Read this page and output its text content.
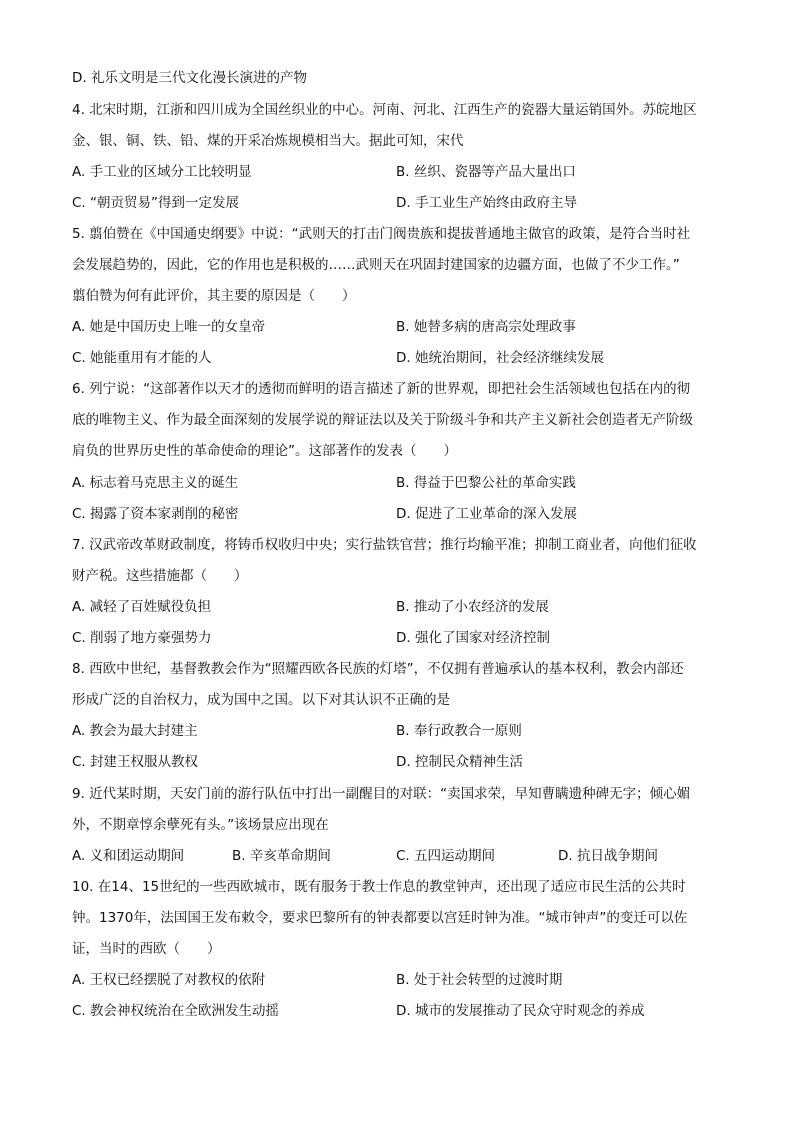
D. 礼乐文明是三代文化漫长演进的产物
4. 北宋时期，江浙和四川成为全国丝织业的中心。河南、河北、江西生产的瓷器大量运销国外。苏皖地区
金、银、铜、铁、铅、煤的开采冶炼规模相当大。据此可知，宋代
A. 手工业的区域分工比较明显	B. 丝织、瓷器等产品大量出口
C. “朝贡贸易”得到一定发展	D. 手工业生产始终由政府主导
5. 翦伯赞在《中国通史纲要》中说：“武则天的打击门阀贵族和提拔普通地主做官的政策，是符合当时社
会发展趋势的，因此，它的作用也是积极的……武则天在巩固封建国家的边疆方面，也做了不少工作。”
翦伯赞为何有此评价，其主要的原因是（　　）
A. 她是中国历史上唯一的女皇帝	B. 她替多病的唐高宗处理政事
C. 她能重用有才能的人	D. 她统治期间，社会经济继续发展
6. 列宁说：“这部著作以天才的透彻而鲜明的语言描述了新的世界观，即把社会生活领域也包括在内的彻
底的唯物主义、作为最全面深刻的发展学说的辩证法以及关于阶级斗争和共产主义新社会创造者无产阶级
肩负的世界历史性的革命使命的理论”。这部著作的发表（　　）
A. 标志着马克思主义的诞生	B. 得益于巴黎公社的革命实践
C. 揭露了资本家剥削的秘密	D. 促进了工业革命的深入发展
7. 汉武帝改革财政制度，将铸币权收归中央；实行盐铁官营；推行均输平准；抑制工商业者，向他们征收
财产税。这些措施都（　　）
A. 减轻了百姓赋役负担	B. 推动了小农经济的发展
C. 削弱了地方豪强势力	D. 强化了国家对经济控制
8. 西欧中世纪，基督教教会作为“照耀西欧各民族的灯塔”，不仅拥有普遍承认的基本权利，教会内部还
形成广泛的自治权力，成为国中之国。以下对其认识不正确的是
A. 教会为最大封建主	B. 奉行政教合一原则
C. 封建王权服从教权	D. 控制民众精神生活
9. 近代某时期，天安门前的游行队伍中打出一副醒目的对联：“卖国求荣，早知曹瞒遗种碑无字；倾心媚
外，不期章惇余孽死有头。”该场景应出现在
A. 义和团运动期间	B. 辛亥革命期间	C. 五四运动期间	D. 抗日战争期间
10. 在14、15世纪的一些西欧城市，既有服务于教士作息的教堂钟声，还出现了适应市民生活的公共时
钟。1370年，法国国王发布敕令，要求巴黎所有的钟表都要以宫廷时钟为准。“城市钟声”的变迁可以佐
证，当时的西欧（　　）
A. 王权已经摆脱了对教权的依附	B. 处于社会转型的过渡时期
C. 教会神权统治在全欧洲发生动摇	D. 城市的发展推动了民众守时观念的养成
